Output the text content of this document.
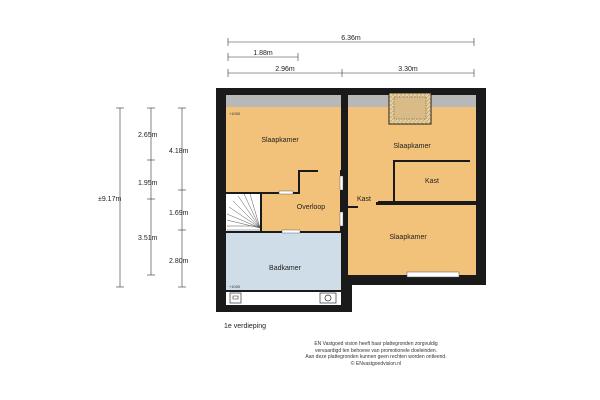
6.36m
1.88m
2.96m	3.30m
±9.17m
2.65m
1.95m
3.51m
4.18m
1.69m
2.80m
Slaapkamer
Slaapkamer
Kast
Overloop
Kast
Slaapkamer
Badkamer
+1000
+1000
1e verdieping
EN Vastgoed vision heeft haar plattegronden zorgvuldig
vervaardigd ten behoeve van promotionele doeleinden.
Aan deze plattegronden kunnen geen rechten worden ontleend.
© ENvastgoedvision.nl
